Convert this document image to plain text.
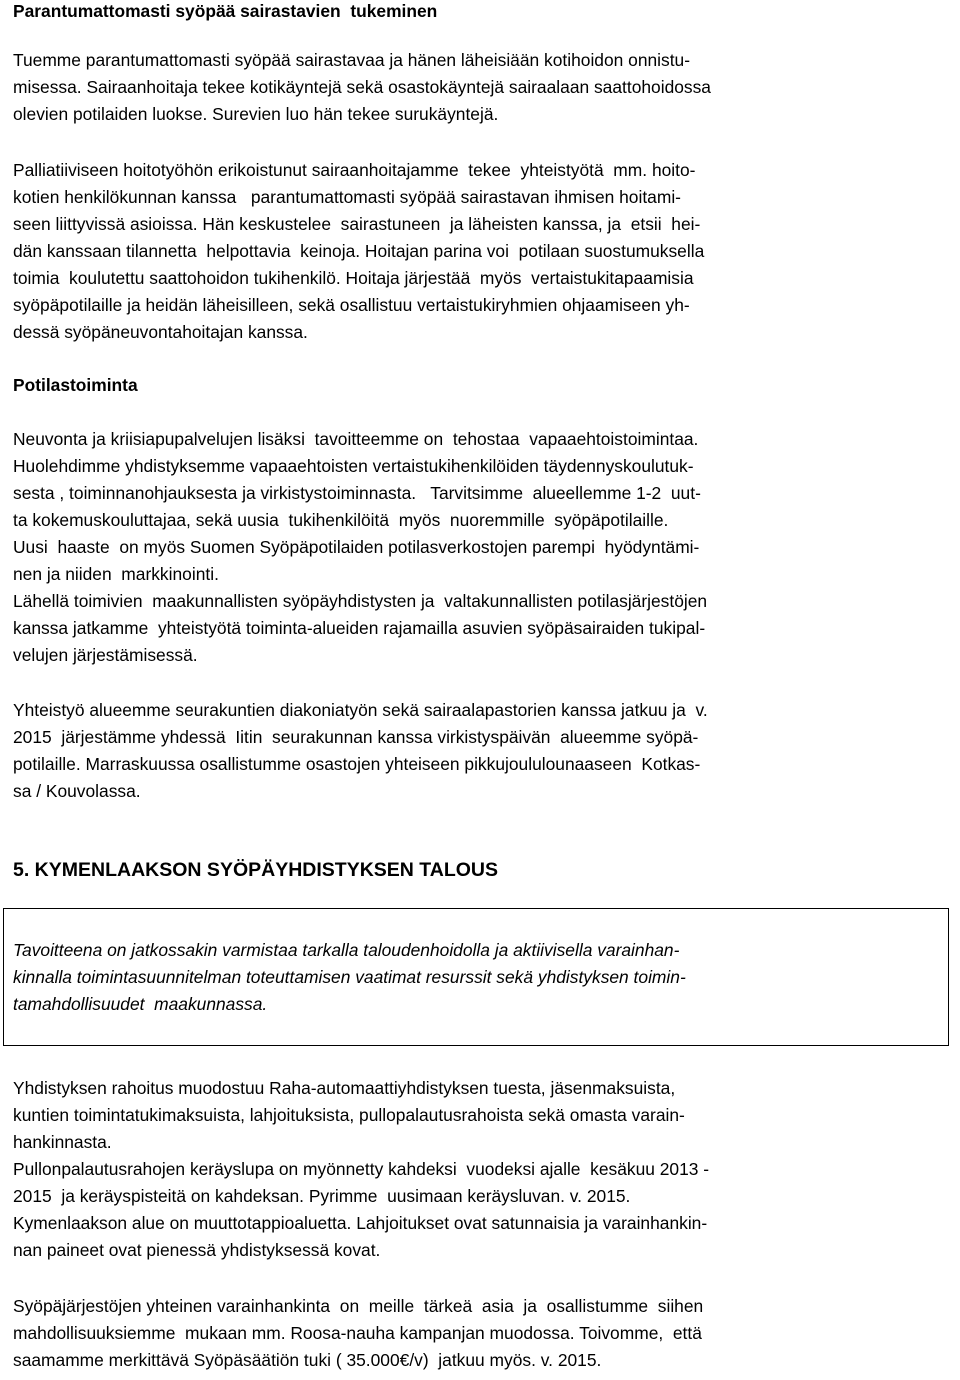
Parantumattomasti syöpää sairastavien  tukeminen
Tuemme parantumattomasti syöpää sairastavaa ja hänen läheisiään kotihoidon onnistu-
misessa. Sairaanhoitaja tekee kotikäyntejä sekä osastokäyntejä sairaalaan saattohoidossa
olevien potilaiden luokse. Surevien luo hän tekee surukäyntejä.
Palliatiiviseen hoitotyöhön erikoistunut sairaanhoitajamme  tekee  yhteistyötä  mm. hoito-
kotien henkilökunnan kanssa   parantumattomasti syöpää sairastavan ihmisen hoitami-
seen liittyvissä asioissa. Hän keskustelee  sairastuneen  ja läheisten kanssa, ja  etsii  hei-
dän kanssaan tilannetta  helpottavia  keinoja. Hoitajan parina voi  potilaan suostumuksella
toimia  koulutettu saattohoidon tukihenkilö. Hoitaja järjestää  myös  vertaistukitapaamisia
syöpäpotilaille ja heidän läheisilleen, sekä osallistuu vertaistukiryhmien ohjaamiseen yh-
dessä syöpäneuvontahoitajan kanssa.
Potilastoiminta
Neuvonta ja kriisiapupalvelujen lisäksi  tavoitteemme on  tehostaa  vapaaehtoistoimintaa.
Huolehdimme yhdistyksemme vapaaehtoisten vertaistukihenkilöiden täydennyskoulutuk-
sesta , toiminnanohjauksesta ja virkistystoiminnasta.   Tarvitsimme  alueellemme 1-2  uut-
ta kokemuskouluttajaa, sekä uusia  tukihenkilöitä  myös  nuoremmille  syöpäpotilaille.
Uusi  haaste  on myös Suomen Syöpäpotilaiden potilasverkostojen parempi  hyödyntämi-
nen ja niiden  markkinointi.
Lähellä toimivien  maakunnallisten syöpäyhdistysten ja  valtakunnallisten potilasjärjestöjen
kanssa jatkamme  yhteistyötä toiminta-alueiden rajamailla asuvien syöpäsairaiden tukipal-
velujen järjestämisessä.
Yhteistyö alueemme seurakuntien diakoniatyön sekä sairaalapastorien kanssa jatkuu ja  v.
2015  järjestämme yhdessä  Iitin  seurakunnan kanssa virkistyspäivän  alueemme syöpä-
potilaille. Marraskuussa osallistumme osastojen yhteiseen pikkujoululounaaseen  Kotkas-
sa / Kouvolassa.
5. KYMENLAAKSON SYÖPÄYHDISTYKSEN TALOUS
Tavoitteena on jatkossakin varmistaa tarkalla taloudenhoidolla ja aktiivisella varainhan-
kinnalla toimintasuunnitelman toteuttamisen vaatimat resurssit sekä yhdistyksen toimin-
tamahdollisuudet  maakunnassa.
Yhdistyksen rahoitus muodostuu Raha-automaattiyhdistyksen tuesta, jäsenmaksuista,
kuntien toimintatukimaksuista, lahjoituksista, pullopalautusrahoista sekä omasta varain-
hankinnasta.
Pullonpalautusrahojen keräyslupa on myönnetty kahdeksi  vuodeksi ajalle  kesäkuu 2013 -
2015  ja keräyspisteitä on kahdeksan. Pyrimme  uusimaan keräysluvan. v. 2015.
Kymenlaakson alue on muuttotappioaluetta. Lahjoitukset ovat satunnaisia ja varainhankin-
nan paineet ovat pienessä yhdistyksessä kovat.
Syöpäjärjestöjen yhteinen varainhankinta  on  meille  tärkeä  asia  ja  osallistumme  siihen
mahdollisuuksiemme  mukaan mm. Roosa-nauha kampanjan muodossa. Toivomme,  että
saamamme merkittävä Syöpäsäätiön tuki ( 35.000€/v)  jatkuu myös. v. 2015.
